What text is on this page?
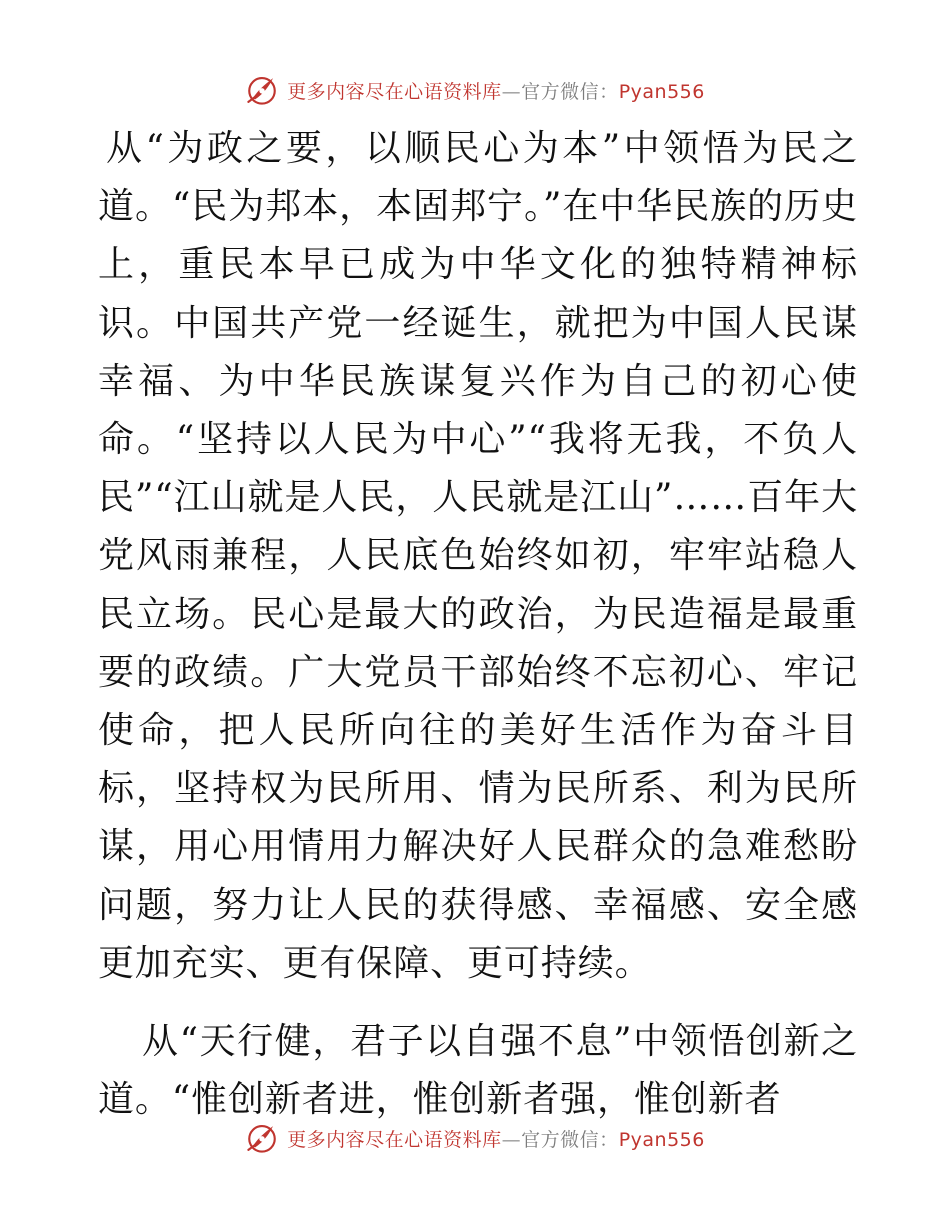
更多内容尽在心语资料库—官方微信：Pyan556

从“为政之要，以顺民心为本”中领悟为民之道。“民为邦本，本固邦宁。”在中华民族的历史上，重民本早已成为中华文化的独特精神标识。中国共产党一经诞生，就把为中国人民谋幸福、为中华民族谋复兴作为自己的初心使命。“坚持以人民为中心”“我将无我，不负人民”“江山就是人民，人民就是江山”……百年大党风雨兼程，人民底色始终如初，牢牢站稳人民立场。民心是最大的政治，为民造福是最重要的政绩。广大党员干部始终不忘初心、牢记使命，把人民所向往的美好生活作为奋斗目标，坚持权为民所用、情为民所系、利为民所谋，用心用情用力解决好人民群众的急难愁盼问题，努力让人民的获得感、幸福感、安全感更加充实、更有保障、更可持续。

从“天行健，君子以自强不息”中领悟创新之道。“惟创新者进，惟创新者强，惟创新者

更多内容尽在心语资料库—官方微信：Pyan556
